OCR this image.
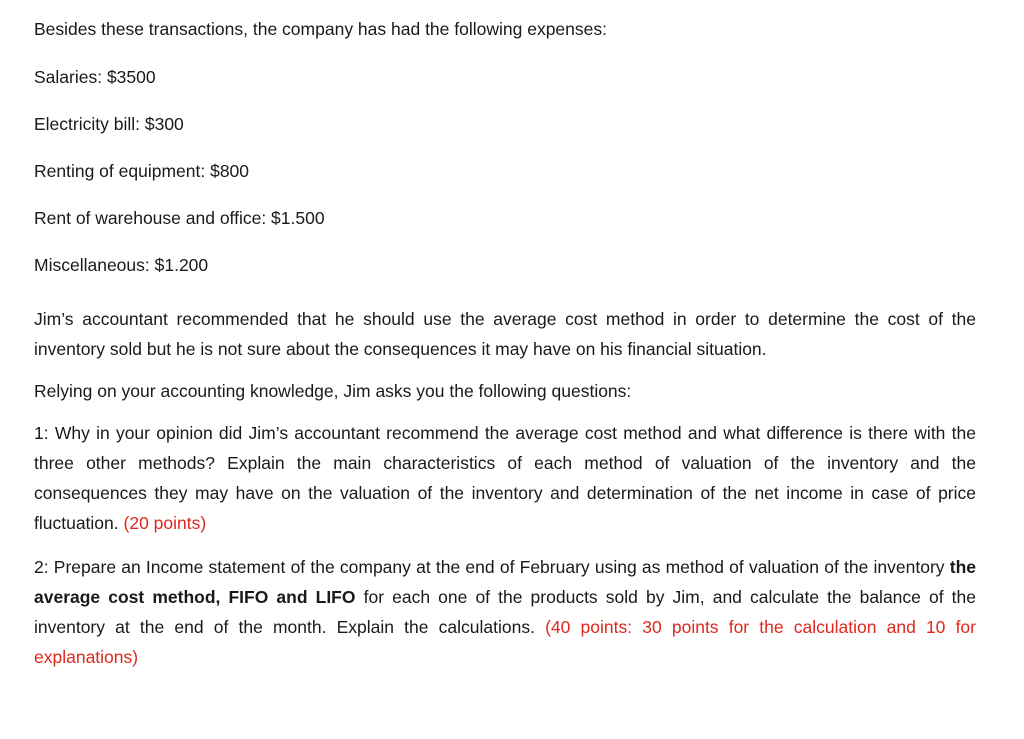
Besides these transactions, the company has had the following expenses:

Salaries: $3500

Electricity bill: $300

Renting of equipment: $800

Rent of warehouse and office: $1.500

Miscellaneous: $1.200

Jim’s accountant recommended that he should use the average cost method in order to determine the cost of the inventory sold but he is not sure about the consequences it may have on his financial situation.

Relying on your accounting knowledge, Jim asks you the following questions:

1: Why in your opinion did Jim’s accountant recommend the average cost method and what difference is there with the three other methods? Explain the main characteristics of each method of valuation of the inventory and the consequences they may have on the valuation of the inventory and determination of the net income in case of price fluctuation. (20 points)

2: Prepare an Income statement of the company at the end of February using as method of valuation of the inventory the average cost method, FIFO and LIFO for each one of the products sold by Jim, and calculate the balance of the inventory at the end of the month. Explain the calculations. (40 points: 30 points for the calculation and 10 for explanations)
